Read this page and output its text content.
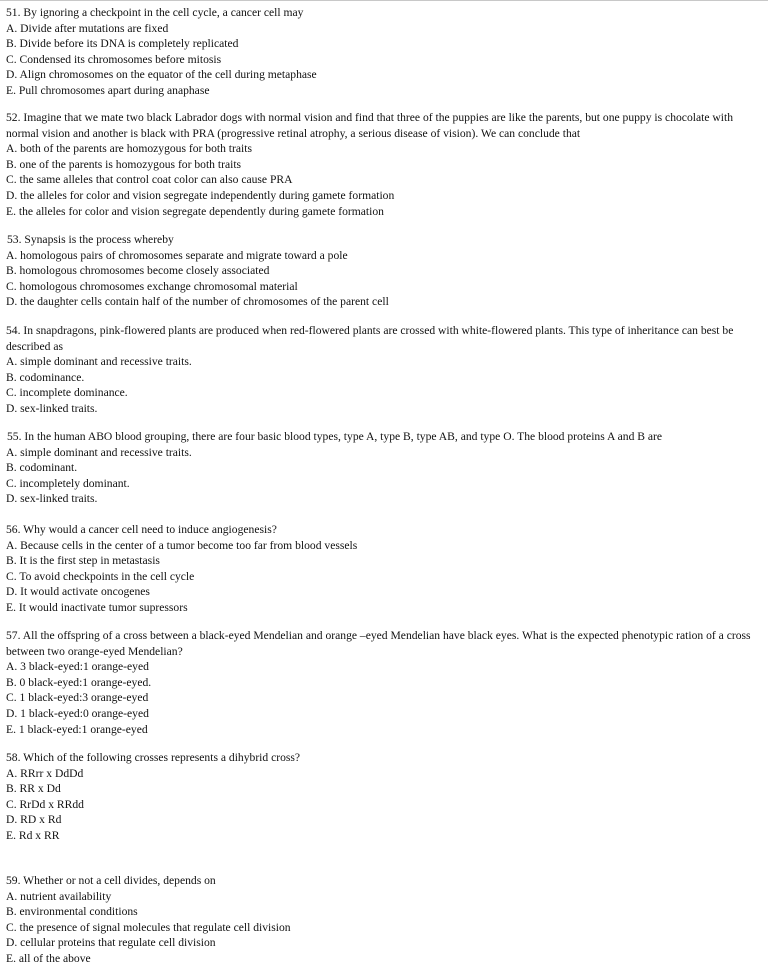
51. By ignoring a checkpoint in the cell cycle, a cancer cell may

A. Divide after mutations are fixed
B. Divide before its DNA is completely replicated
C. Condensed its chromosomes before mitosis
D. Align chromosomes on the equator of the cell during metaphase
E. Pull chromosomes apart during anaphase

52. Imagine that we mate two black Labrador dogs with normal vision and find that three of the puppies are like the parents, but one puppy is chocolate with normal vision and another is black with PRA (progressive retinal atrophy, a serious disease of vision). We can conclude that

A. both of the parents are homozygous for both traits
B. one of the parents is homozygous for both traits
C. the same alleles that control coat color can also cause PRA
D. the alleles for color and vision segregate independently during gamete formation
E. the alleles for color and vision segregate dependently during gamete formation

53. Synapsis is the process whereby

A. homologous pairs of chromosomes separate and migrate toward a pole
B. homologous chromosomes become closely associated
C. homologous chromosomes exchange chromosomal material
D. the daughter cells contain half of the number of chromosomes of the parent cell

54. In snapdragons, pink-flowered plants are produced when red-flowered plants are crossed with white-flowered plants. This type of inheritance can best be described as

A. simple dominant and recessive traits.
B. codominance.
C. incomplete dominance.
D. sex-linked traits.

55. In the human ABO blood grouping, there are four basic blood types, type A, type B, type AB, and type O. The blood proteins A and B are

A. simple dominant and recessive traits.
B. codominant.
C. incompletely dominant.
D. sex-linked traits.

56. Why would a cancer cell need to induce angiogenesis?

A. Because cells in the center of a tumor become too far from blood vessels
B. It is the first step in metastasis
C. To avoid checkpoints in the cell cycle
D. It would activate oncogenes
E. It would inactivate tumor supressors

57. All the offspring of a cross between a black-eyed Mendelian and orange –eyed Mendelian have black eyes. What is the expected phenotypic ration of a cross between two orange-eyed Mendelian?

A. 3 black-eyed:1 orange-eyed
B. 0 black-eyed:1 orange-eyed.
C. 1 black-eyed:3 orange-eyed
D. 1 black-eyed:0 orange-eyed
E. 1 black-eyed:1 orange-eyed

58. Which of the following crosses represents a dihybrid cross?

A. RRrr x DdDd
B. RR x Dd
C. RrDd x RRdd
D. RD x Rd
E. Rd x RR

59. Whether or not a cell divides, depends on

A. nutrient availability
B. environmental conditions
C. the presence of signal molecules that regulate cell division
D. cellular proteins that regulate cell division
E. all of the above
